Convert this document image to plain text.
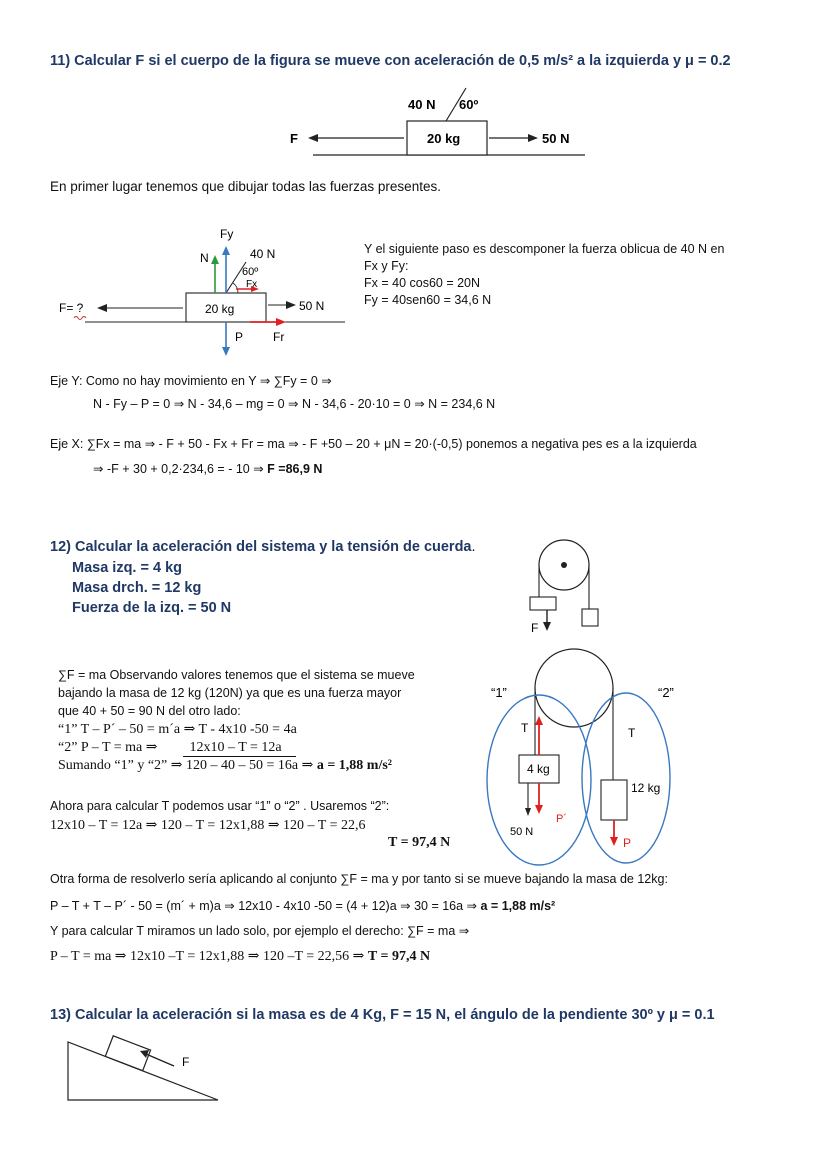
11) Calcular F si el cuerpo de la figura se mueve con aceleración de 0,5 m/s² a la izquierda y μ = 0.2
40 N 60º
20 kg
F	50 N
En primer lugar tenemos que dibujar todas las fuerzas presentes.
Fy
N	40 N
60º
Fx
F= ?	20 kg	50 N
P Fr
Y el siguiente paso es descomponer la fuerza oblicua de 40 N en
Fx y Fy:
Fx = 40 cos60 = 20N
Fy = 40sen60 = 34,6 N
Eje Y: Como no hay movimiento en Y ⇒ ∑Fy = 0 ⇒
N - Fy – P = 0 ⇒ N - 34,6 – mg = 0 ⇒ N - 34,6 - 20·10 = 0 ⇒ N = 234,6 N
Eje X: ∑Fx = ma ⇒ - F + 50 - Fx + Fr = ma ⇒ - F +50 – 20 + μN = 20·(-0,5) ponemos a negativa pes es a la izquierda
⇒ -F + 30 + 0,2·234,6 = - 10 ⇒ F =86,9 N
12) Calcular la aceleración del sistema y la tensión de cuerda.
Masa izq. = 4 kg
Masa drch. = 12 kg
Fuerza de la izq. = 50 N
F
“1”	“2”
T	T
4 kg
12 kg
P´
50 N
P
∑F = ma Observando valores tenemos que el sistema se mueve
bajando la masa de 12 kg (120N) ya que es una fuerza mayor
que 40 + 50 = 90 N del otro lado:
“1” T – P´ – 50 = m´a ⇒ T - 4x10 -50 = 4a
“2” P – T = ma ⇒ 12x10 – T = 12a
Sumando “1” y “2” ⇒ 120 – 40 – 50 = 16a ⇒ a = 1,88 m/s²
Ahora para calcular T podemos usar “1” o “2” . Usaremos “2”:
12x10 – T = 12a ⇒ 120 – T = 12x1,88 ⇒ 120 – T = 22,6
T = 97,4 N
Otra forma de resolverlo sería aplicando al conjunto ∑F = ma y por tanto si se mueve bajando la masa de 12kg:
P – T + T – P´ - 50 = (m´ + m)a ⇒ 12x10 - 4x10 -50 = (4 + 12)a ⇒ 30 = 16a ⇒ a = 1,88 m/s²
Y para calcular T miramos un lado solo, por ejemplo el derecho: ∑F = ma ⇒
P – T = ma ⇒ 12x10 –T = 12x1,88 ⇒ 120 –T = 22,56 ⇒ T = 97,4 N
13) Calcular la aceleración si la masa es de 4 Kg, F = 15 N, el ángulo de la pendiente 30º y μ = 0.1
F
